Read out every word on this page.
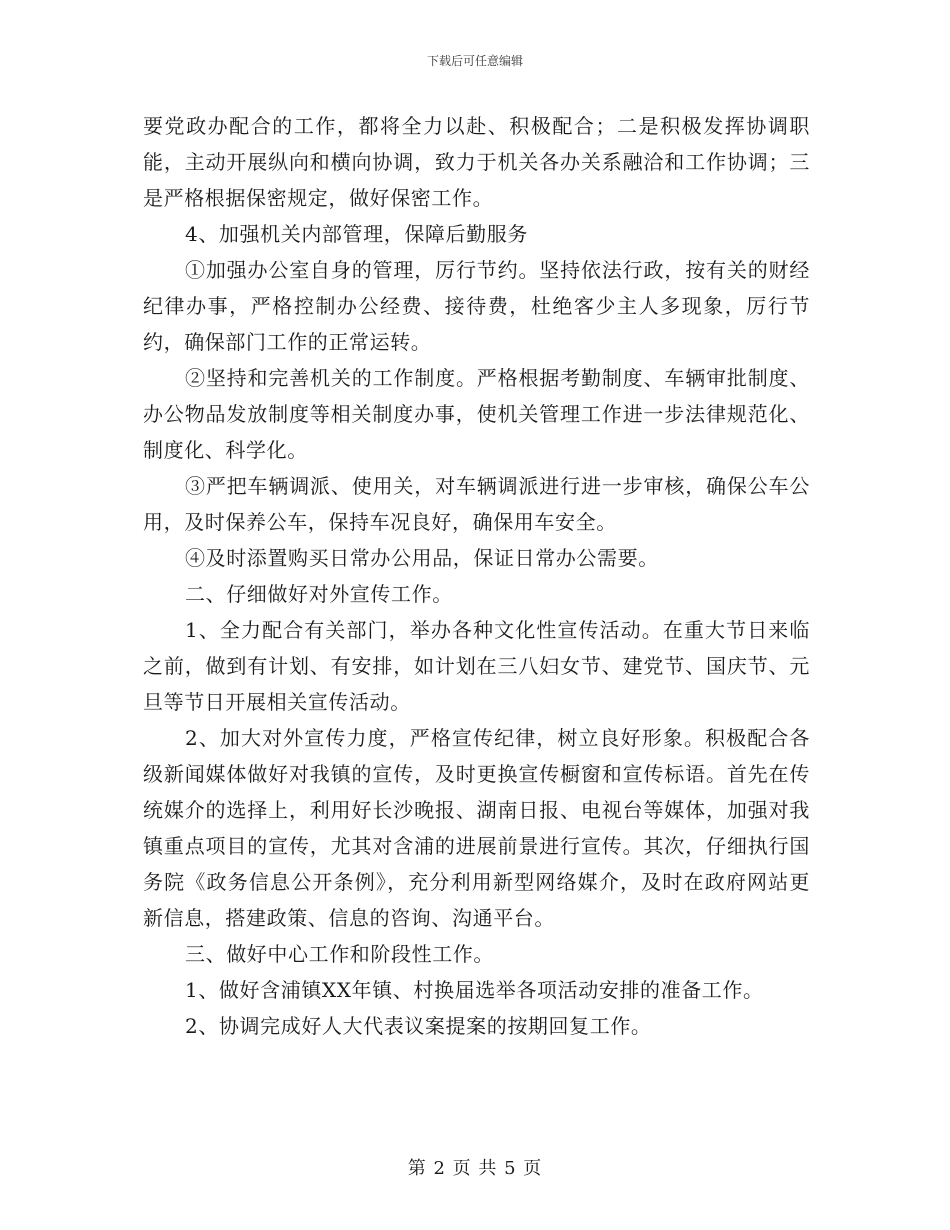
下载后可任意编辑

要党政办配合的工作，都将全力以赴、积极配合；二是积极发挥协调职能，主动开展纵向和横向协调，致力于机关各办关系融洽和工作协调；三是严格根据保密规定，做好保密工作。

4、加强机关内部管理，保障后勤服务

①加强办公室自身的管理，厉行节约。坚持依法行政，按有关的财经纪律办事，严格控制办公经费、接待费，杜绝客少主人多现象，厉行节约，确保部门工作的正常运转。

②坚持和完善机关的工作制度。严格根据考勤制度、车辆审批制度、办公物品发放制度等相关制度办事，使机关管理工作进一步法律规范化、制度化、科学化。

③严把车辆调派、使用关，对车辆调派进行进一步审核，确保公车公用，及时保养公车，保持车况良好，确保用车安全。

④及时添置购买日常办公用品，保证日常办公需要。

二、仔细做好对外宣传工作。

1、全力配合有关部门，举办各种文化性宣传活动。在重大节日来临之前，做到有计划、有安排，如计划在三八妇女节、建党节、国庆节、元旦等节日开展相关宣传活动。

2、加大对外宣传力度，严格宣传纪律，树立良好形象。积极配合各级新闻媒体做好对我镇的宣传，及时更换宣传橱窗和宣传标语。首先在传统媒介的选择上，利用好长沙晚报、湖南日报、电视台等媒体，加强对我镇重点项目的宣传，尤其对含浦的进展前景进行宣传。其次，仔细执行国务院《政务信息公开条例》，充分利用新型网络媒介，及时在政府网站更新信息，搭建政策、信息的咨询、沟通平台。

三、做好中心工作和阶段性工作。

1、做好含浦镇XX年镇、村换届选举各项活动安排的准备工作。

2、协调完成好人大代表议案提案的按期回复工作。

第 2 页 共 5 页
